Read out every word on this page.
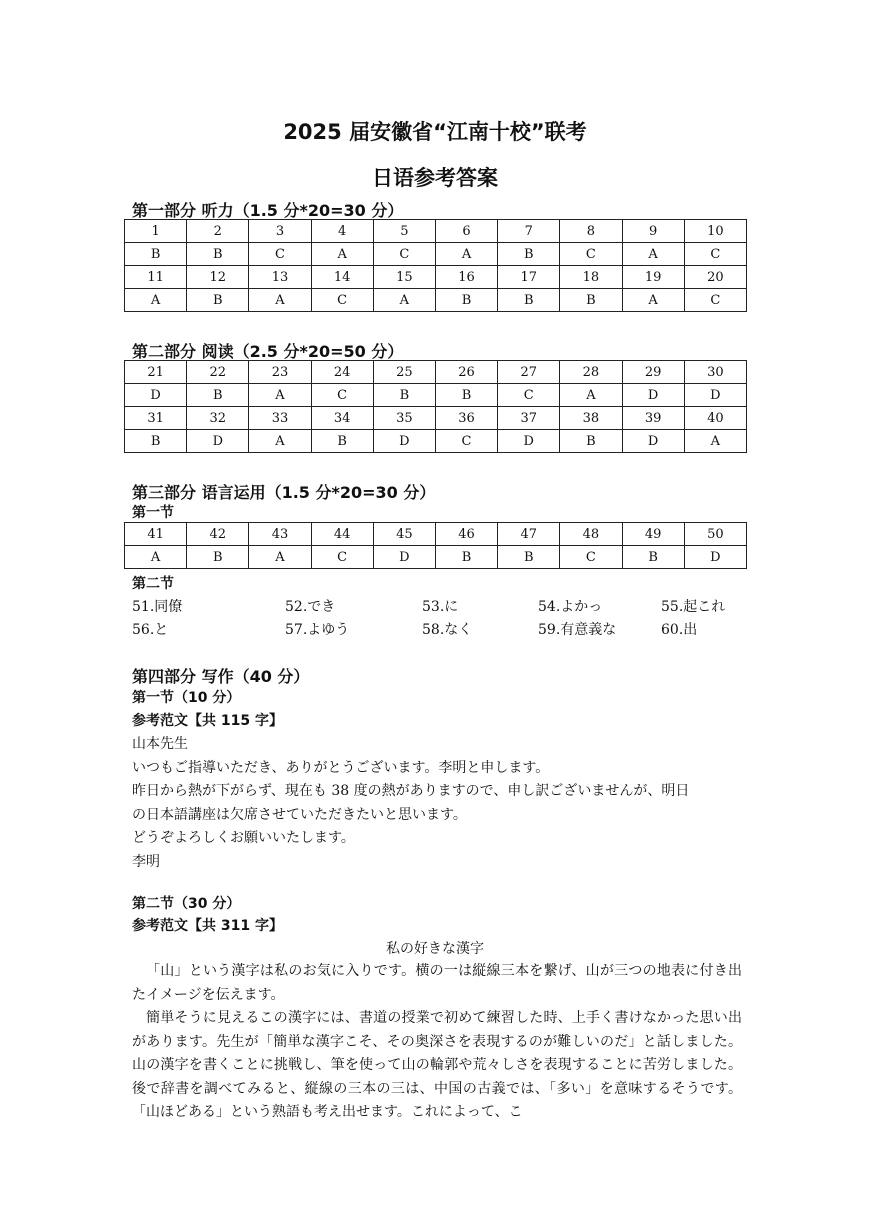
2025 届安徽省“江南十校”联考
日语参考答案
第一部分 听力（1.5 分*20=30 分）
1	2	3	4	5	6	7	8	9	10
B	B	C	A	C	A	B	C	A	C
11	12	13	14	15	16	17	18	19	20
A	B	A	C	A	B	B	B	A	C
第二部分 阅读（2.5 分*20=50 分）
21	22	23	24	25	26	27	28	29	30
D	B	A	C	B	B	C	A	D	D
31	32	33	34	35	36	37	38	39	40
B	D	A	B	D	C	D	B	D	A
第三部分 语言运用（1.5 分*20=30 分）
第一节
41	42	43	44	45	46	47	48	49	50
A	B	A	C	D	B	B	C	B	D
第二节
51.同僚	52.でき	53.に	54.よかっ	55.起これ
56.と	57.よゆう	58.なく	59.有意義な	60.出
第四部分 写作（40 分）
第一节（10 分）
参考范文【共 115 字】
山本先生
いつもご指導いただき、ありがとうございます。李明と申します。
昨日から熱が下がらず、現在も 38 度の熱がありますので、申し訳ございませんが、明日
の日本語講座は欠席させていただきたいと思います。
どうぞよろしくお願いいたします。
李明
第二节（30 分）
参考范文【共 311 字】
私の好きな漢字

「山」という漢字は私のお気に入りです。横の一は縦線三本を繋げ、山が三つの地表に付き出たイメージを伝えます。

簡単そうに見えるこの漢字には、書道の授業で初めて練習した時、上手く書けなかった思い出があります。先生が「簡単な漢字こそ、その奥深さを表現するのが難しいのだ」と話しました。山の漢字を書くことに挑戦し、筆を使って山の輪郭や荒々しさを表現することに苦労しました。後で辞書を調べてみると、縦線の三本の三は、中国の古義では、「多い」を意味するそうです。「山ほどある」という熟語も考え出せます。これによって、こ
